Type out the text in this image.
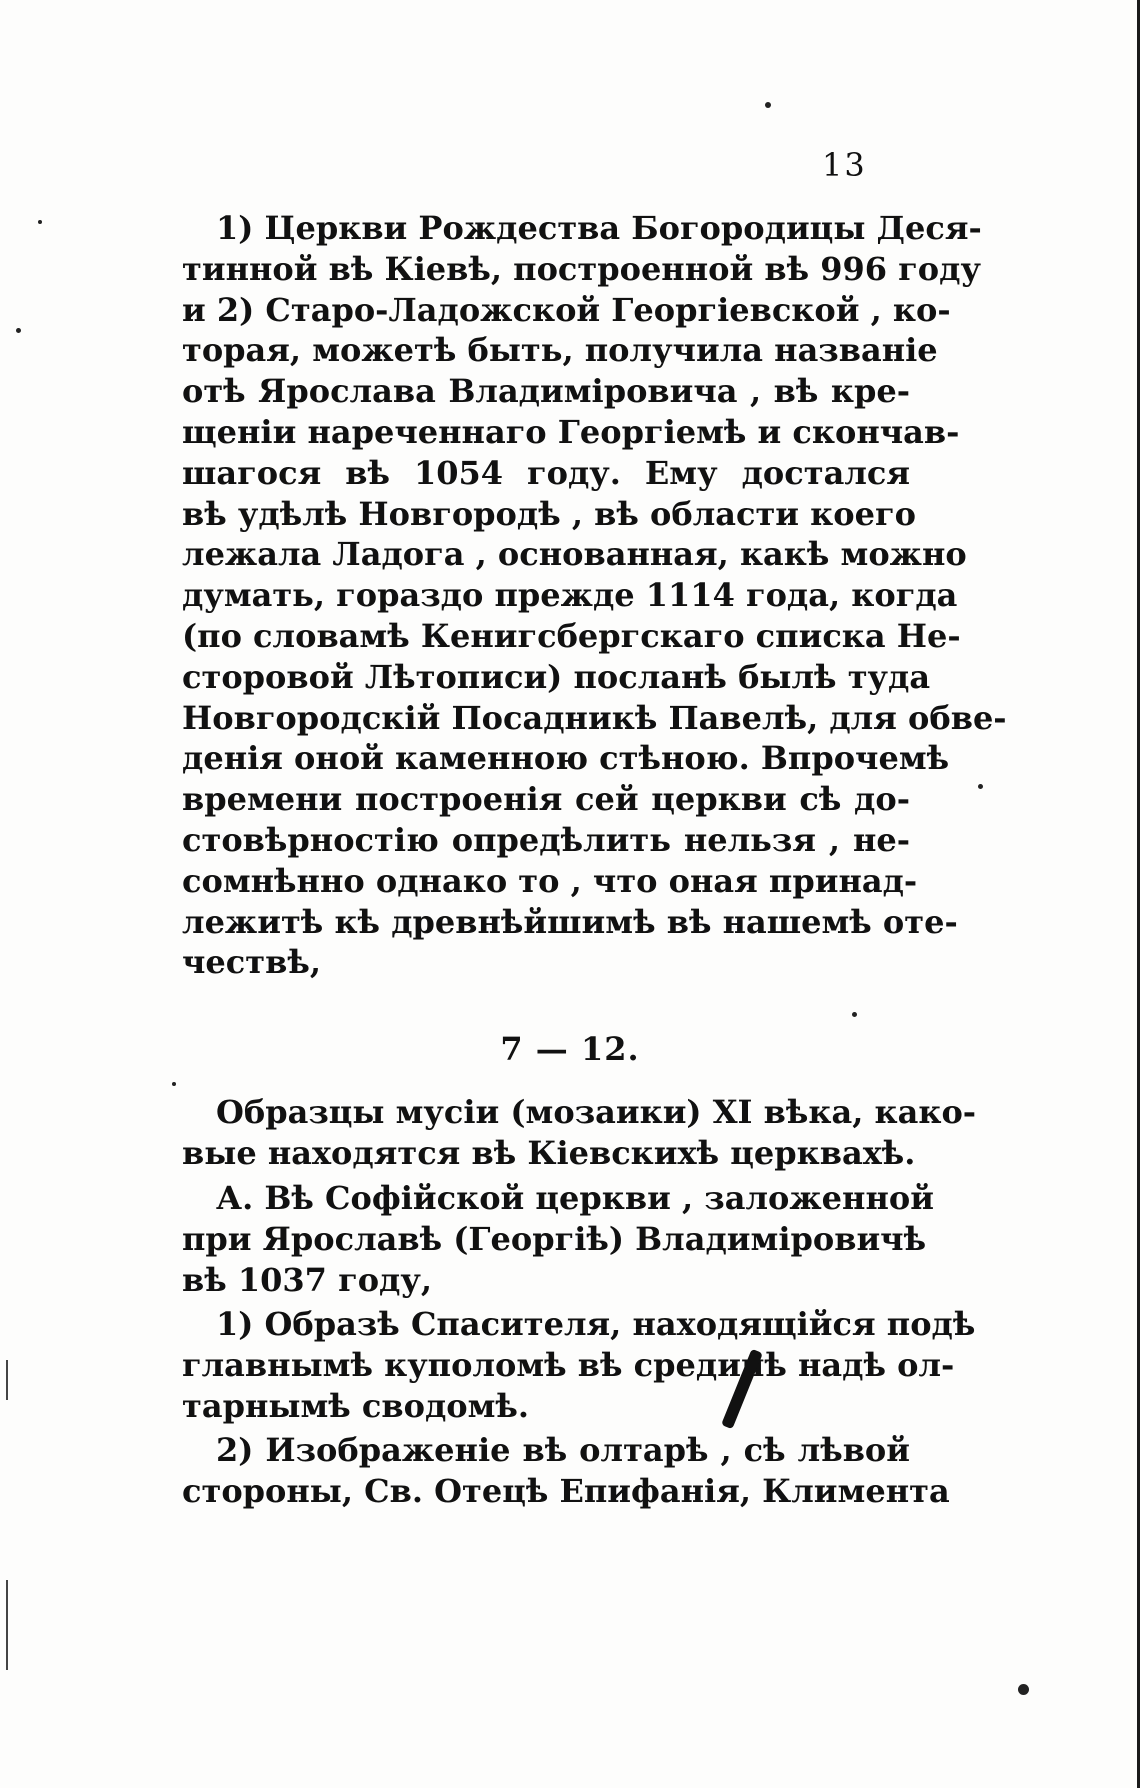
13
1) Церкви Рождества Богородицы Деся-
тинной вѣ Кіевѣ, построенной вѣ 996 году
и 2) Старо-Ладожской Георгіевской , ко-
торая, можетѣ быть, получила названіе
отѣ Ярослава Владиміровича , вѣ кре-
щеніи нареченнаго Георгіемѣ и скончав-
шагося вѣ 1054 году. Ему достался
вѣ удѣлѣ Новгородѣ , вѣ области коего
лежала Ладога , основанная, какѣ можно
думать, гораздо прежде 1114 года, когда
(по словамѣ Кенигсбергскаго списка Не-
сторовой Лѣтописи) посланѣ былѣ туда
Новгородскій Посадникѣ Павелѣ, для обве-
денія оной каменною стѣною. Впрочемѣ
времени построенія сей церкви сѣ до-
стовѣрностію опредѣлить нельзя , не-
сомнѣнно однако то , что оная принад-
лежитѣ кѣ древнѣйшимѣ вѣ нашемѣ оте-
чествѣ,
7 — 12.
Образцы мусіи (мозаики) XI вѣка, како-
вые находятся вѣ Кіевскихѣ церквахѣ.
А. Вѣ Софійской церкви , заложенной
при Ярославѣ (Георгіѣ) Владиміровичѣ
вѣ 1037 году,
1) Образѣ Спасителя, находящійся подѣ
главнымѣ куполомѣ вѣ срединѣ надѣ ол-
тарнымѣ сводомѣ.
2) Изображеніе вѣ олтарѣ , сѣ лѣвой
стороны, Св. Отецѣ Епифанія, Климента
